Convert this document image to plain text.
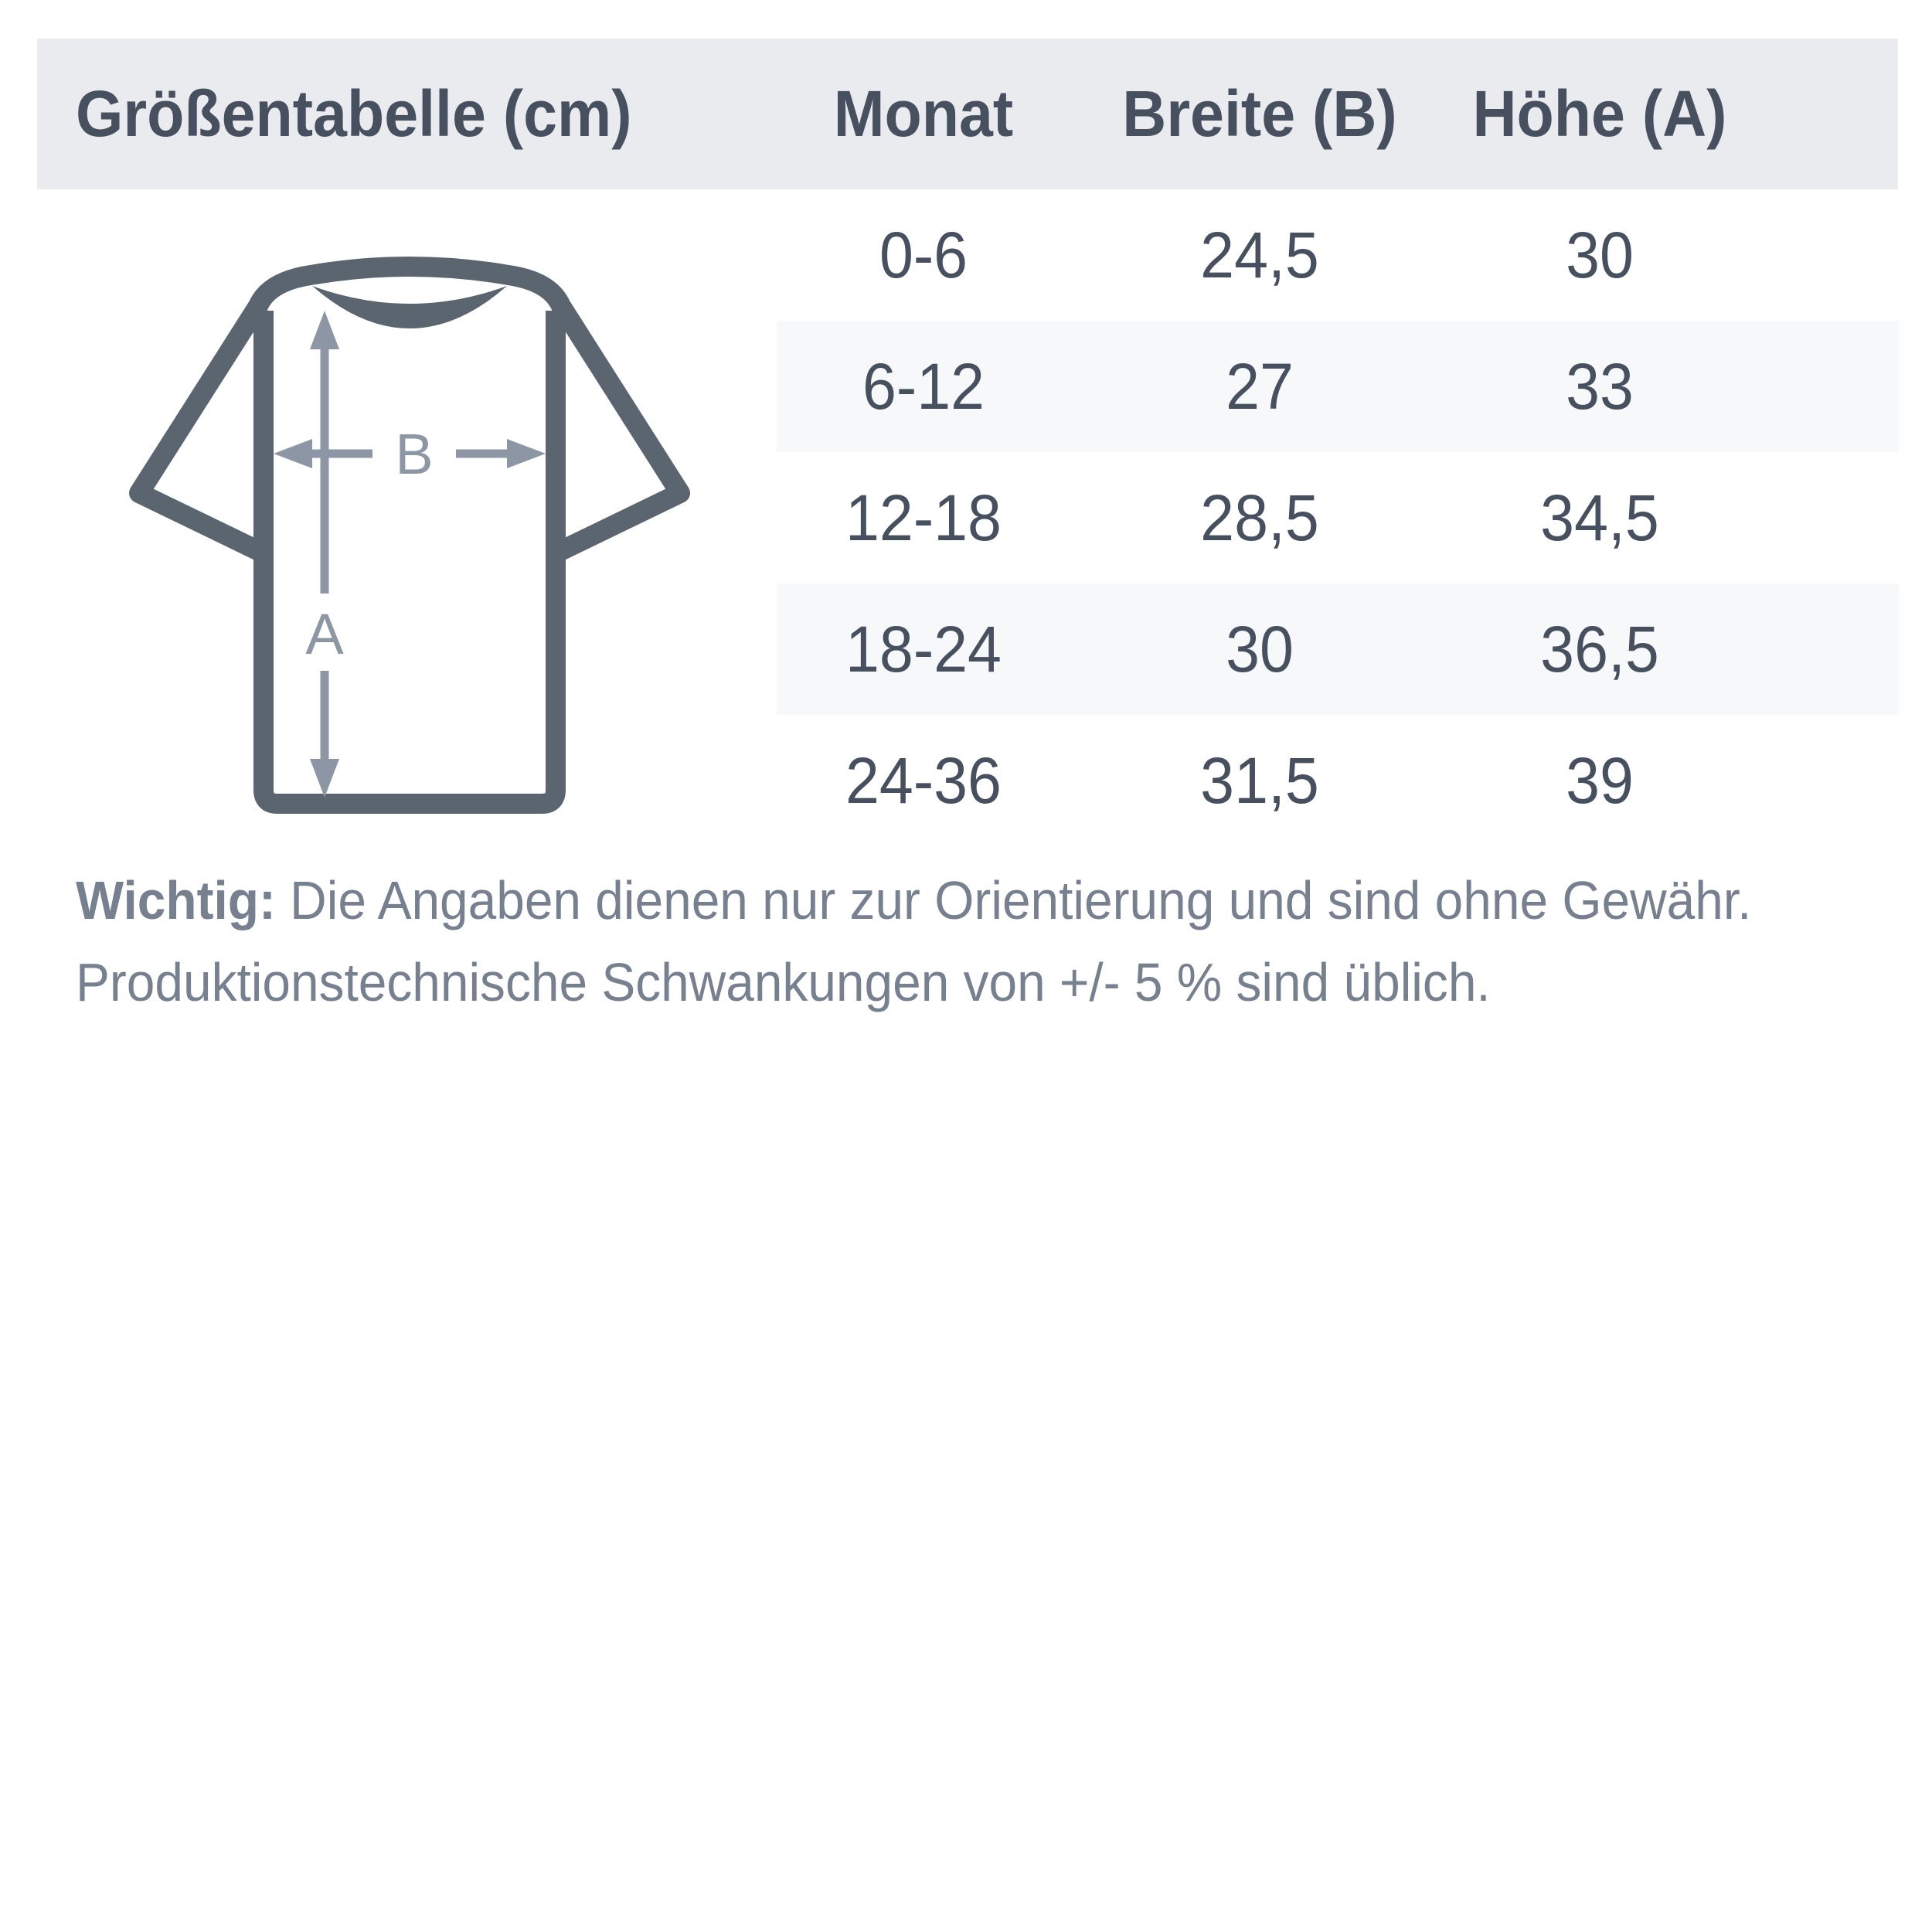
Größentabelle (cm)	Monat	Breite (B)	Höhe (A)
0-6	24,5	30
6-12	27	33
12-18	28,5	34,5
18-24	30	36,5
24-36	31,5	39
A
B
Wichtig: Die Angaben dienen nur zur Orientierung und sind ohne Gewähr.
Produktionstechnische Schwankungen von +/- 5 % sind üblich.
